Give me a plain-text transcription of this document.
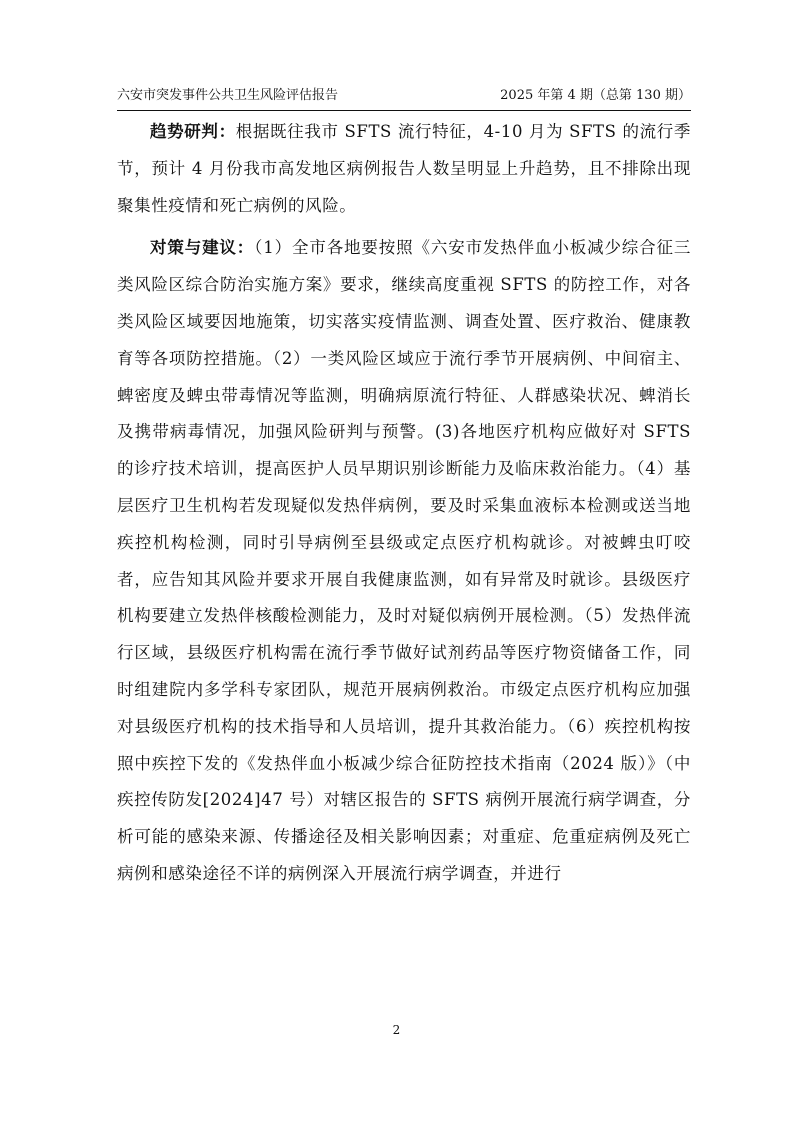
六安市突发事件公共卫生风险评估报告	2025 年第 4 期（总第 130 期）

趋势研判：根据既往我市 SFTS 流行特征，4-10 月为 SFTS 的流行季节，预计 4 月份我市高发地区病例报告人数呈明显上升趋势，且不排除出现聚集性疫情和死亡病例的风险。

对策与建议：（1）全市各地要按照《六安市发热伴血小板减少综合征三类风险区综合防治实施方案》要求，继续高度重视 SFTS 的防控工作，对各类风险区域要因地施策，切实落实疫情监测、调查处置、医疗救治、健康教育等各项防控措施。（2）一类风险区域应于流行季节开展病例、中间宿主、蜱密度及蜱虫带毒情况等监测，明确病原流行特征、人群感染状况、蜱消长及携带病毒情况，加强风险研判与预警。(3)各地医疗机构应做好对 SFTS 的诊疗技术培训，提高医护人员早期识别诊断能力及临床救治能力。（4）基层医疗卫生机构若发现疑似发热伴病例，要及时采集血液标本检测或送当地疾控机构检测，同时引导病例至县级或定点医疗机构就诊。对被蜱虫叮咬者，应告知其风险并要求开展自我健康监测，如有异常及时就诊。县级医疗机构要建立发热伴核酸检测能力，及时对疑似病例开展检测。（5）发热伴流行区域，县级医疗机构需在流行季节做好试剂药品等医疗物资储备工作，同时组建院内多学科专家团队，规范开展病例救治。市级定点医疗机构应加强对县级医疗机构的技术指导和人员培训，提升其救治能力。（6）疾控机构按照中疾控下发的《发热伴血小板减少综合征防控技术指南（2024 版）》（中疾控传防发[2024]47 号）对辖区报告的 SFTS 病例开展流行病学调查，分析可能的感染来源、传播途径及相关影响因素；对重症、危重症病例及死亡病例和感染途径不详的病例深入开展流行病学调查，并进行

2
